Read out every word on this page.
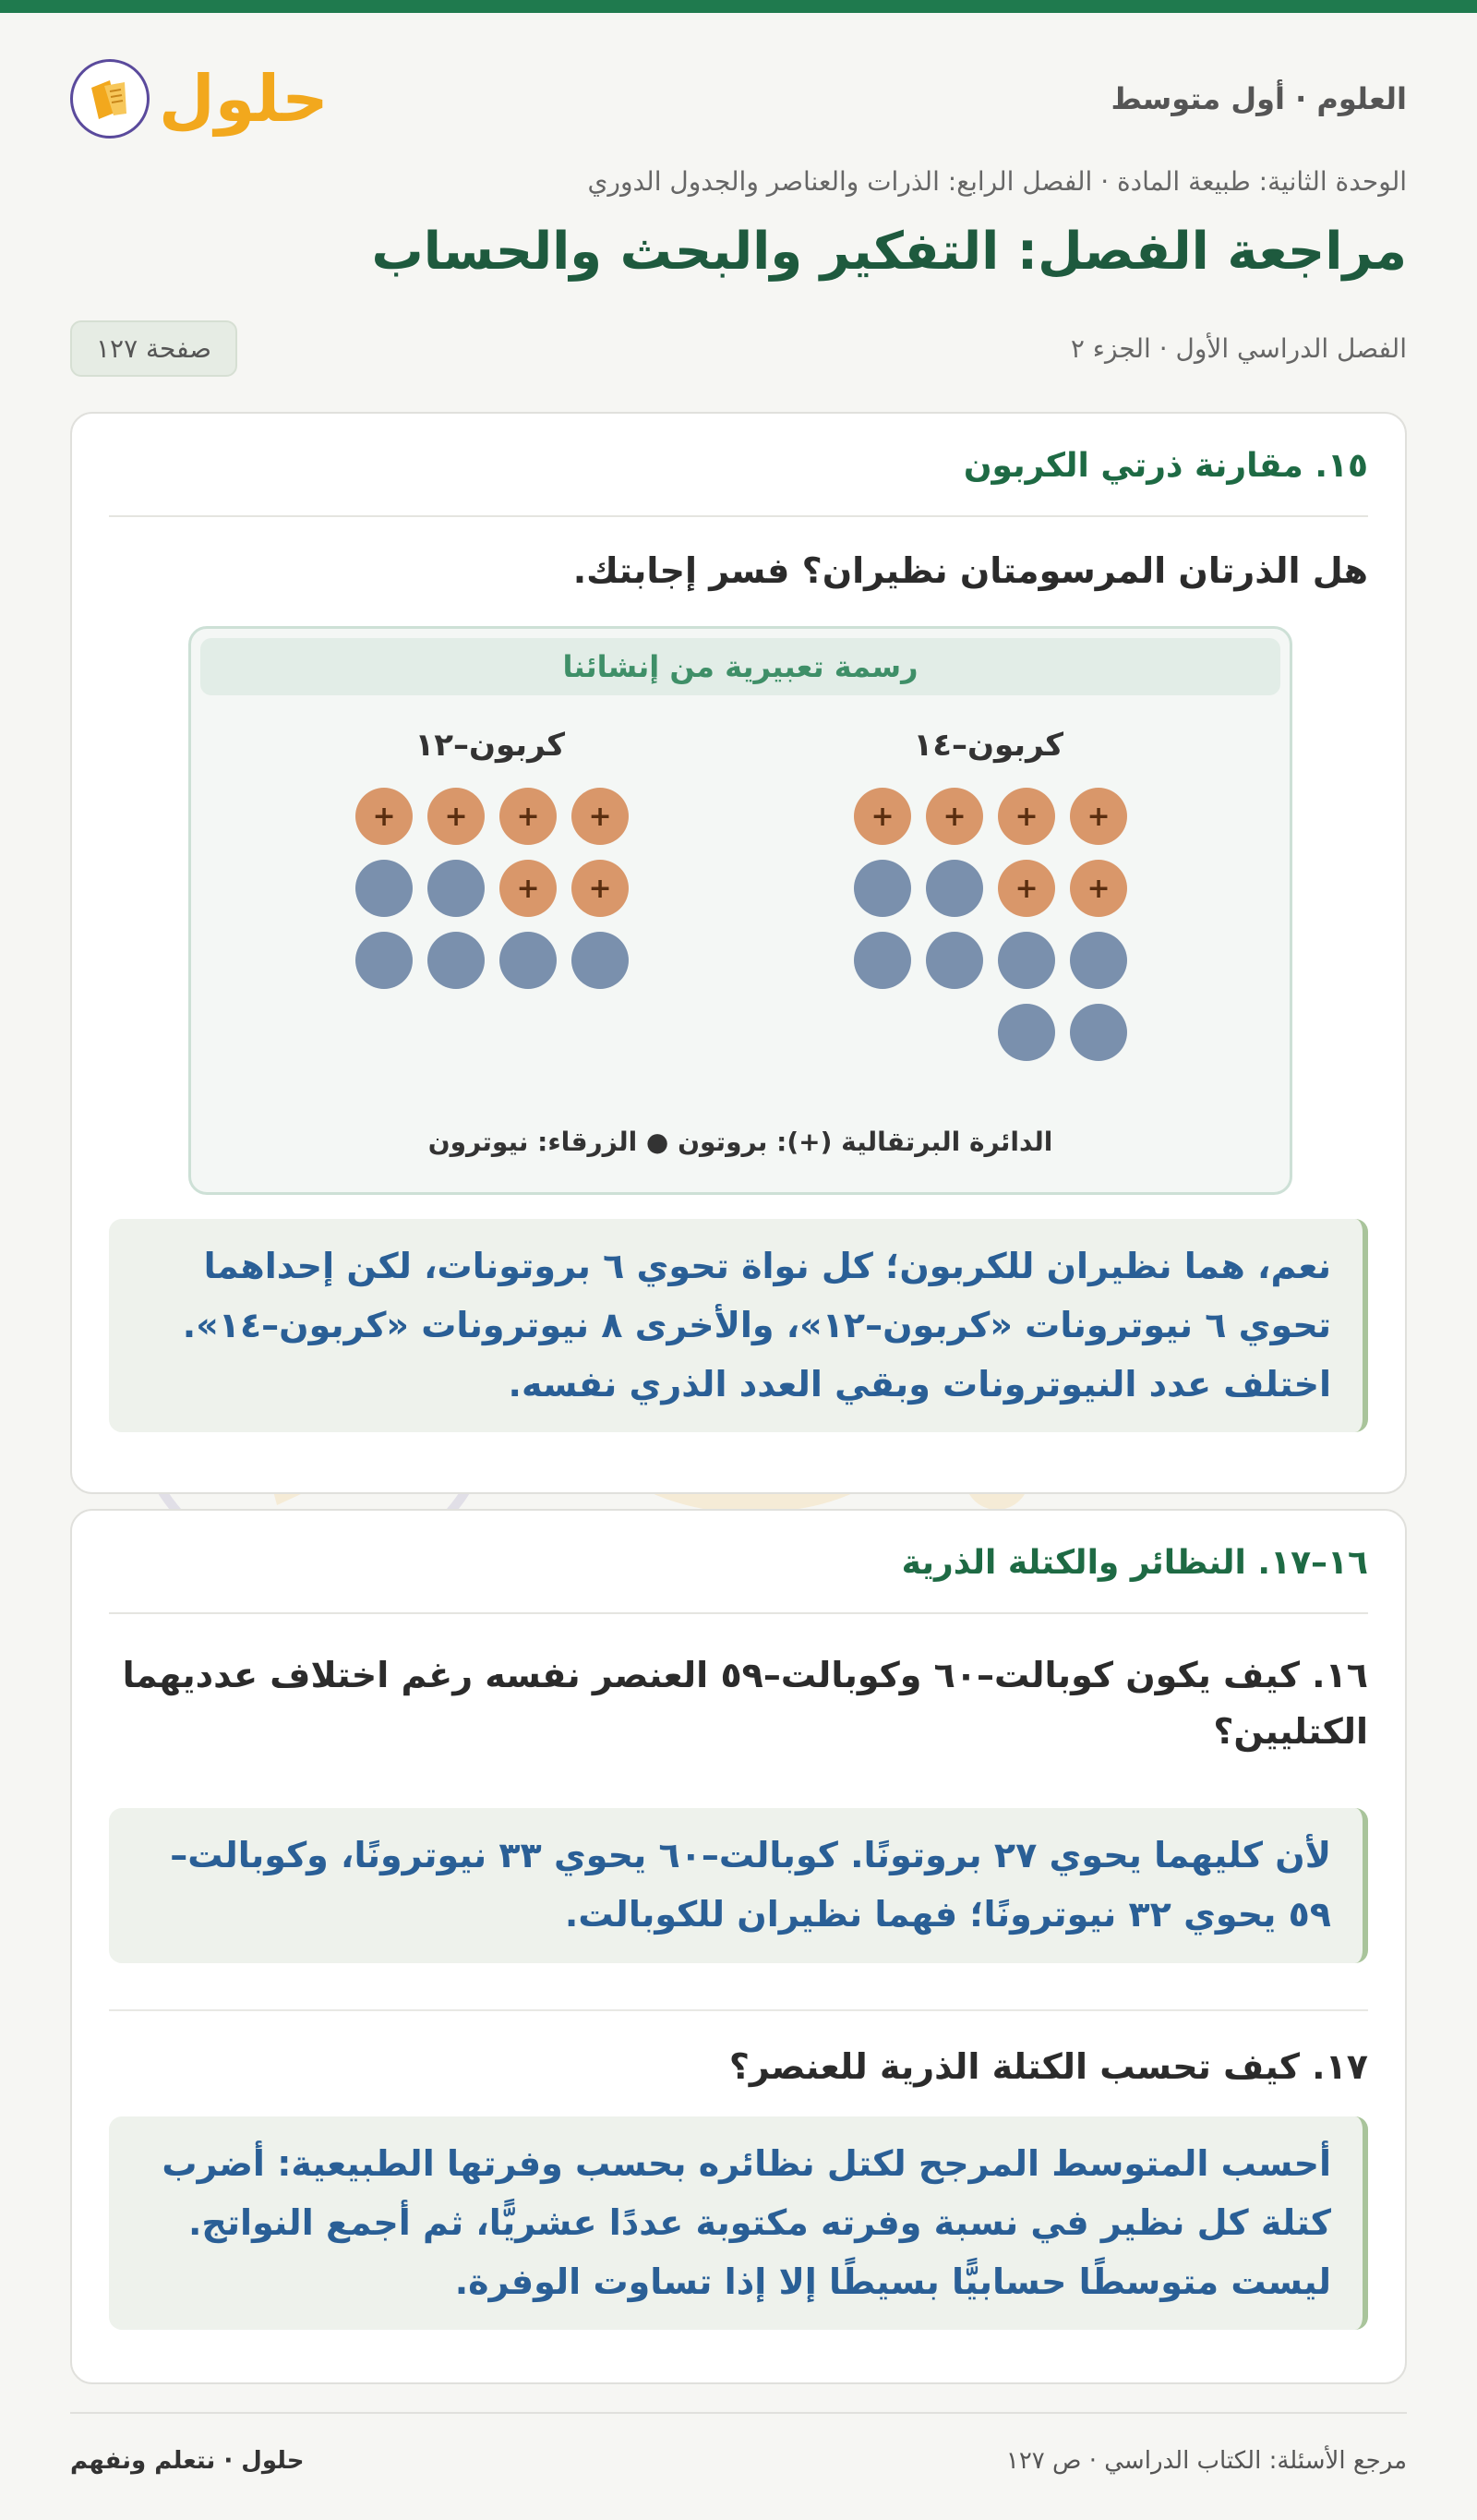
العلوم · أول متوسط
حلول
الوحدة الثانية: طبيعة المادة · الفصل الرابع: الذرات والعناصر والجدول الدوري
مراجعة الفصل: التفكير والبحث والحساب
الفصل الدراسي الأول · الجزء ٢
صفحة ١٢٧
١٥. مقارنة ذرتي الكربون
هل الذرتان المرسومتان نظيران؟ فسر إجابتك.
رسمة تعبيرية من إنشائنا
كربون–١٤
+
+
+
+
+
+
كربون–١٢
+
+
+
+
+
+
الدائرة البرتقالية (+): بروتون ● الزرقاء: نيوترون
نعم، هما نظيران للكربون؛ كل نواة تحوي ٦ بروتونات، لكن إحداهما تحوي ٦ نيوترونات «كربون–١٢»، والأخرى ٨ نيوترونات «كربون–١٤». اختلف عدد النيوترونات وبقي العدد الذري نفسه.
١٦–١٧. النظائر والكتلة الذرية
١٦. كيف يكون كوبالت–٦٠ وكوبالت–٥٩ العنصر نفسه رغم اختلاف عدديهما الكتليين؟
لأن كليهما يحوي ٢٧ بروتونًا. كوبالت–٦٠ يحوي ٣٣ نيوترونًا، وكوبالت–٥٩ يحوي ٣٢ نيوترونًا؛ فهما نظيران للكوبالت.
١٧. كيف تحسب الكتلة الذرية للعنصر؟
أحسب المتوسط المرجح لكتل نظائره بحسب وفرتها الطبيعية: أضرب كتلة كل نظير في نسبة وفرته مكتوبة عددًا عشريًّا، ثم أجمع النواتج. ليست متوسطًا حسابيًّا بسيطًا إلا إذا تساوت الوفرة.
مرجع الأسئلة: الكتاب الدراسي · ص ١٢٧
حلول · نتعلم ونفهم
